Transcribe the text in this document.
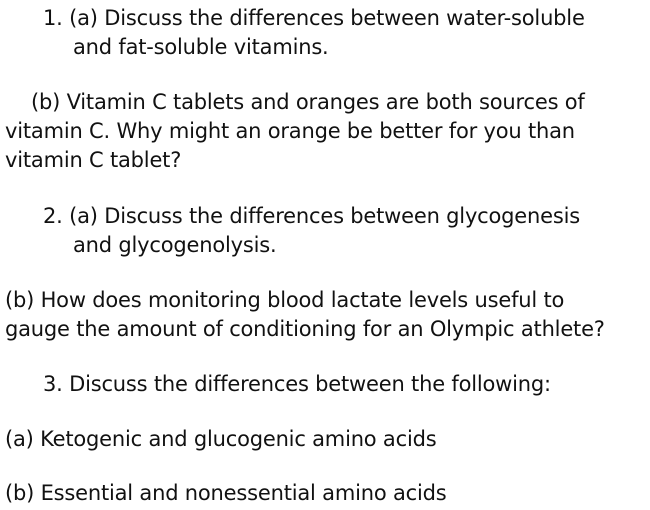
1. (a) Discuss the differences between water-soluble
and fat-soluble vitamins.
(b) Vitamin C tablets and oranges are both sources of
vitamin C. Why might an orange be better for you than
vitamin C tablet?
2. (a) Discuss the differences between glycogenesis
and glycogenolysis.
(b) How does monitoring blood lactate levels useful to
gauge the amount of conditioning for an Olympic athlete?
3. Discuss the differences between the following:
(a) Ketogenic and glucogenic amino acids
(b) Essential and nonessential amino acids
